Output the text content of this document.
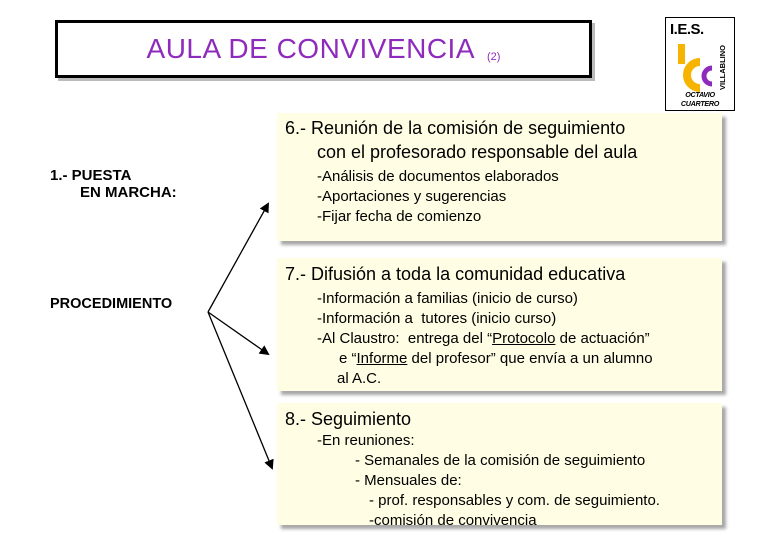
AULA DE CONVIVENCIA (2)
I.E.S.
VILLABLINO
OCTAVIO CUARTERO
1.- PUESTA
EN MARCHA:
PROCEDIMIENTO
6.- Reunión de la comisión de seguimiento
con el profesorado responsable del aula
-Análisis de documentos elaborados
-Aportaciones y sugerencias
-Fijar fecha de comienzo
7.- Difusión a toda la comunidad educativa
-Información a familias (inicio de curso)
-Información a  tutores (inicio curso)
-Al Claustro:  entrega del “Protocolo de actuación”
e “Informe del profesor” que envía a un alumno
al A.C.
8.- Seguimiento
-En reuniones:
- Semanales de la comisión de seguimiento
- Mensuales de:
- prof. responsables y com. de seguimiento.
-comisión de convivencia
